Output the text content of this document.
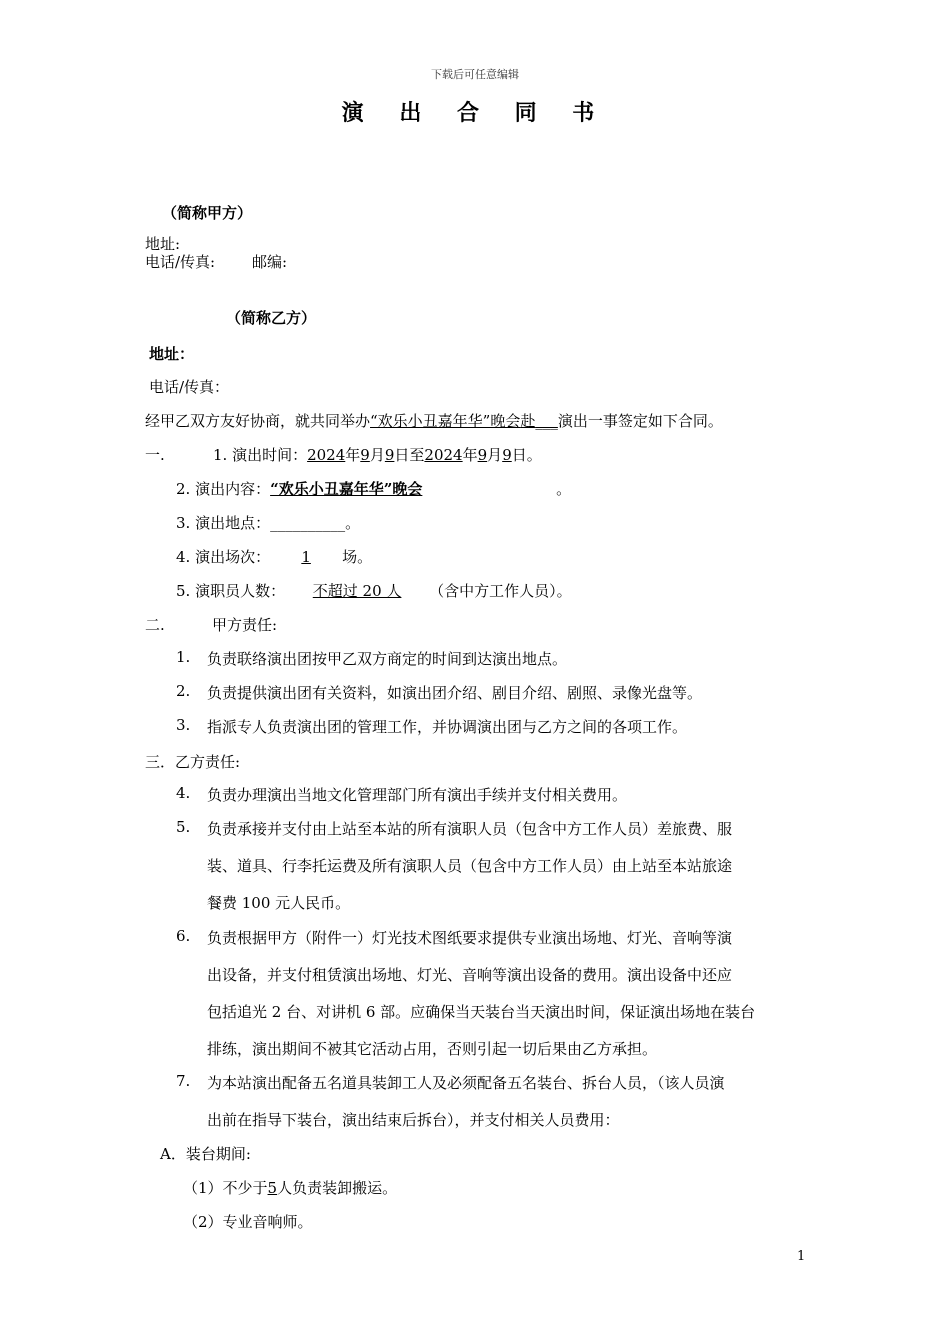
下载后可任意编辑
演 出 合 同 书
（简称甲方）
地址:
电话/传真: 邮编:
（简称乙方）
地址：
电话/传真：
经甲乙双方友好协商，就共同举办“欢乐小丑嘉年华”晚会赴___演出一事签定如下合同。
一.	1. 演出时间：2024年9月9日至2024年9月9日。
2. 演出内容：“欢乐小丑嘉年华”晚会	。
3. 演出地点：__________。
4. 演出场次： 1 场。
5. 演职员人数： 不超过 20 人 （含中方工作人员）。
二.	甲方责任:
1. 负责联络演出团按甲乙双方商定的时间到达演出地点。
2. 负责提供演出团有关资料，如演出团介绍、剧目介绍、剧照、录像光盘等。
3. 指派专人负责演出团的管理工作，并协调演出团与乙方之间的各项工作。
三．乙方责任:
4. 负责办理演出当地文化管理部门所有演出手续并支付相关费用。
5. 负责承接并支付由上站至本站的所有演职人员（包含中方工作人员）差旅费、服
装、道具、行李托运费及所有演职人员（包含中方工作人员）由上站至本站旅途
餐费 100 元人民币。
6. 负责根据甲方（附件一）灯光技术图纸要求提供专业演出场地、灯光、音响等演
出设备，并支付租赁演出场地、灯光、音响等演出设备的费用。演出设备中还应
包括追光 2 台、对讲机 6 部。应确保当天装台当天演出时间，保证演出场地在装台
排练，演出期间不被其它活动占用，否则引起一切后果由乙方承担。
7. 为本站演出配备五名道具装卸工人及必须配备五名装台、拆台人员，（该人员演
出前在指导下装台，演出结束后拆台），并支付相关人员费用：
A．装台期间:
（1）不少于5人负责装卸搬运。
（2）专业音响师。
1
